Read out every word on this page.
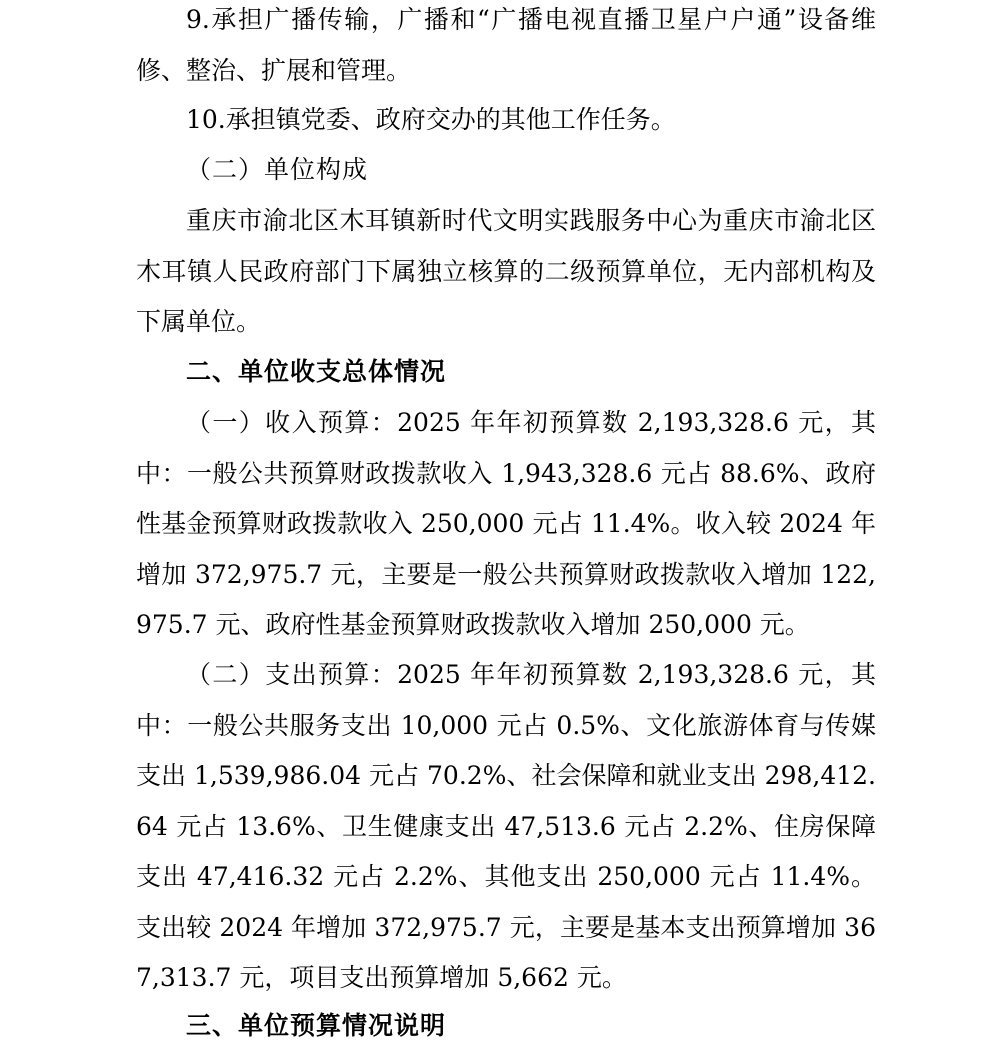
9.承担广播传输，广播和“广播电视直播卫星户户通”设备维修、整治、扩展和管理。

10.承担镇党委、政府交办的其他工作任务。

（二）单位构成

重庆市渝北区木耳镇新时代文明实践服务中心为重庆市渝北区木耳镇人民政府部门下属独立核算的二级预算单位，无内部机构及下属单位。

二、单位收支总体情况

（一）收入预算：2025 年年初预算数 2,193,328.6 元，其中：一般公共预算财政拨款收入 1,943,328.6 元占 88.6%、政府性基金预算财政拨款收入 250,000 元占 11.4%。收入较 2024 年增加 372,975.7 元，主要是一般公共预算财政拨款收入增加 122,975.7 元、政府性基金预算财政拨款收入增加 250,000 元。

（二）支出预算：2025 年年初预算数 2,193,328.6 元，其中：一般公共服务支出 10,000 元占 0.5%、文化旅游体育与传媒支出 1,539,986.04 元占 70.2%、社会保障和就业支出 298,412.64 元占 13.6%、卫生健康支出 47,513.6 元占 2.2%、住房保障支出 47,416.32 元占 2.2%、其他支出 250,000 元占 11.4%。支出较 2024 年增加 372,975.7 元，主要是基本支出预算增加 367,313.7 元，项目支出预算增加 5,662 元。

三、单位预算情况说明
